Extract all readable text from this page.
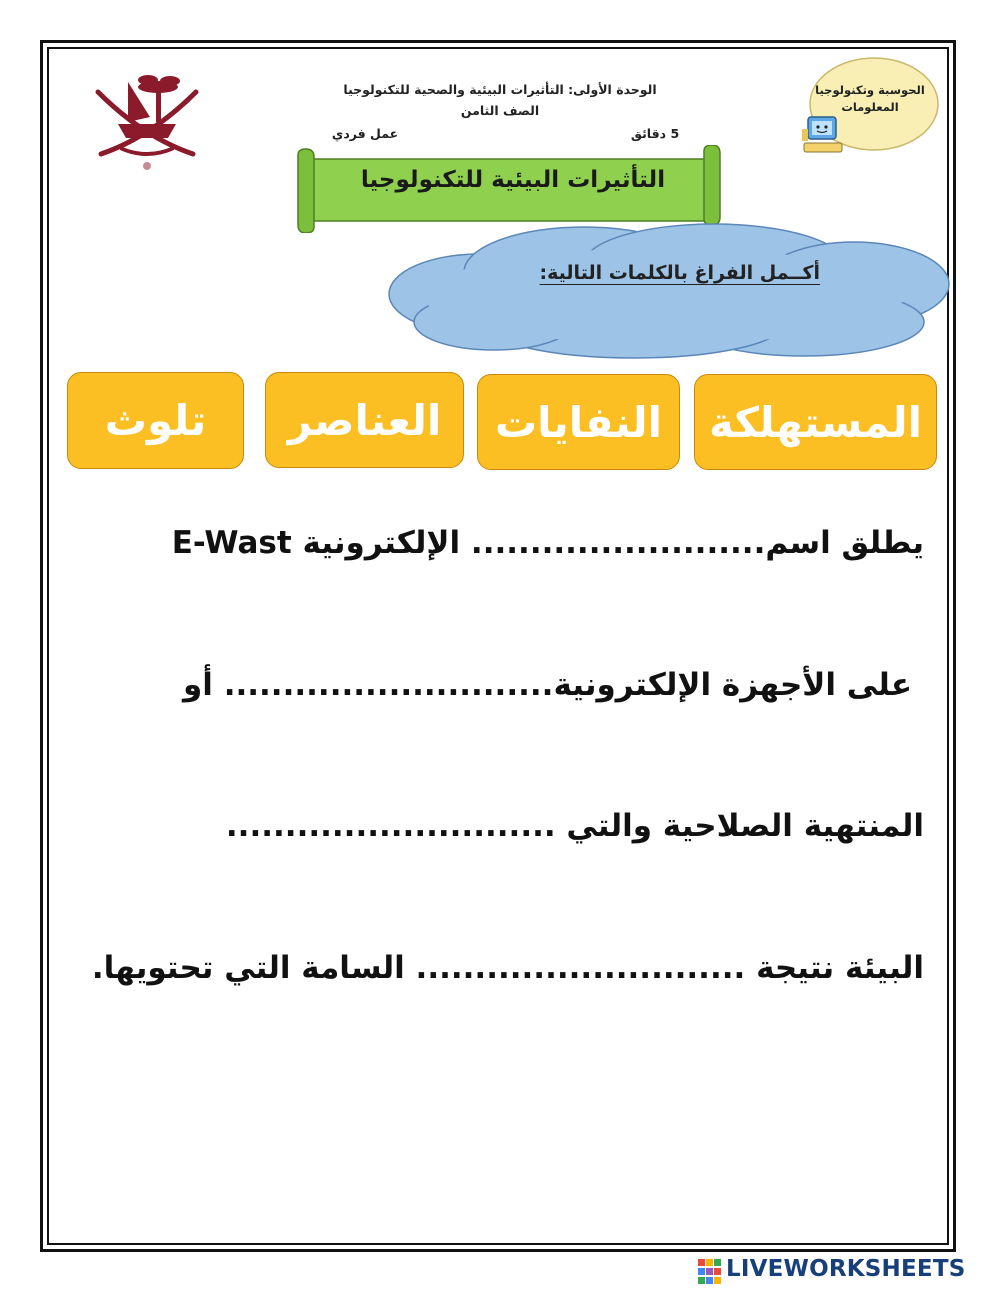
الحوسبة وتكنولوجيا
المعلومات
الوحدة الأولى: التأثيرات البيئية والصحية للتكنولوجيا
الصف الثامن
5 دقائق
عمل فردي
التأثيرات البيئية للتكنولوجيا
أكــمل الفراغ بالكلمات التالية:
المستهلكة
النفايات
العناصر
تلوث
يطلق اسم......................... الإلكترونية E-Wast
على الأجهزة الإلكترونية............................ أو
المنتهية الصلاحية والتي ............................
البيئة نتيجة ............................ السامة التي تحتويها.
LIVEWORKSHEETS
